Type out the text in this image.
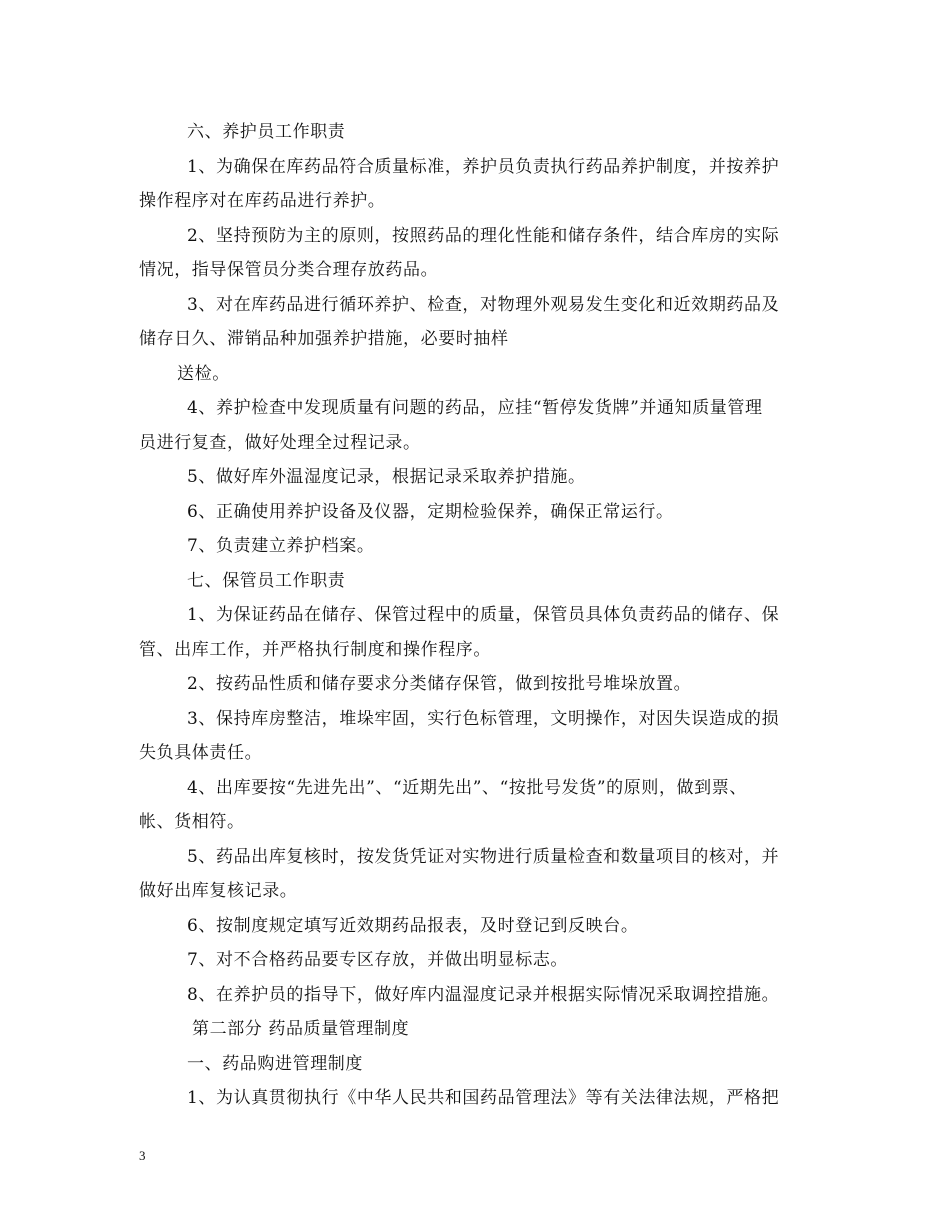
六、养护员工作职责
1、为确保在库药品符合质量标准，养护员负责执行药品养护制度，并按养护
操作程序对在库药品进行养护。
2、坚持预防为主的原则，按照药品的理化性能和储存条件，结合库房的实际
情况，指导保管员分类合理存放药品。
3、对在库药品进行循环养护、检查，对物理外观易发生变化和近效期药品及
储存日久、滞销品种加强养护措施，必要时抽样
送检。
4、养护检查中发现质量有问题的药品，应挂“暂停发货牌”并通知质量管理
员进行复查，做好处理全过程记录。
5、做好库外温湿度记录，根据记录采取养护措施。
6、正确使用养护设备及仪器，定期检验保养，确保正常运行。
7、负责建立养护档案。
七、保管员工作职责
1、为保证药品在储存、保管过程中的质量，保管员具体负责药品的储存、保
管、出库工作，并严格执行制度和操作程序。
2、按药品性质和储存要求分类储存保管，做到按批号堆垛放置。
3、保持库房整洁，堆垛牢固，实行色标管理，文明操作，对因失误造成的损
失负具体责任。
4、出库要按“先进先出”、“近期先出”、“按批号发货”的原则，做到票、
帐、货相符。
5、药品出库复核时，按发货凭证对实物进行质量检查和数量项目的核对，并
做好出库复核记录。
6、按制度规定填写近效期药品报表，及时登记到反映台。
7、对不合格药品要专区存放，并做出明显标志。
8、在养护员的指导下，做好库内温湿度记录并根据实际情况采取调控措施。
第二部分 药品质量管理制度
一、药品购进管理制度
1、为认真贯彻执行《中华人民共和国药品管理法》等有关法律法规，严格把
3
